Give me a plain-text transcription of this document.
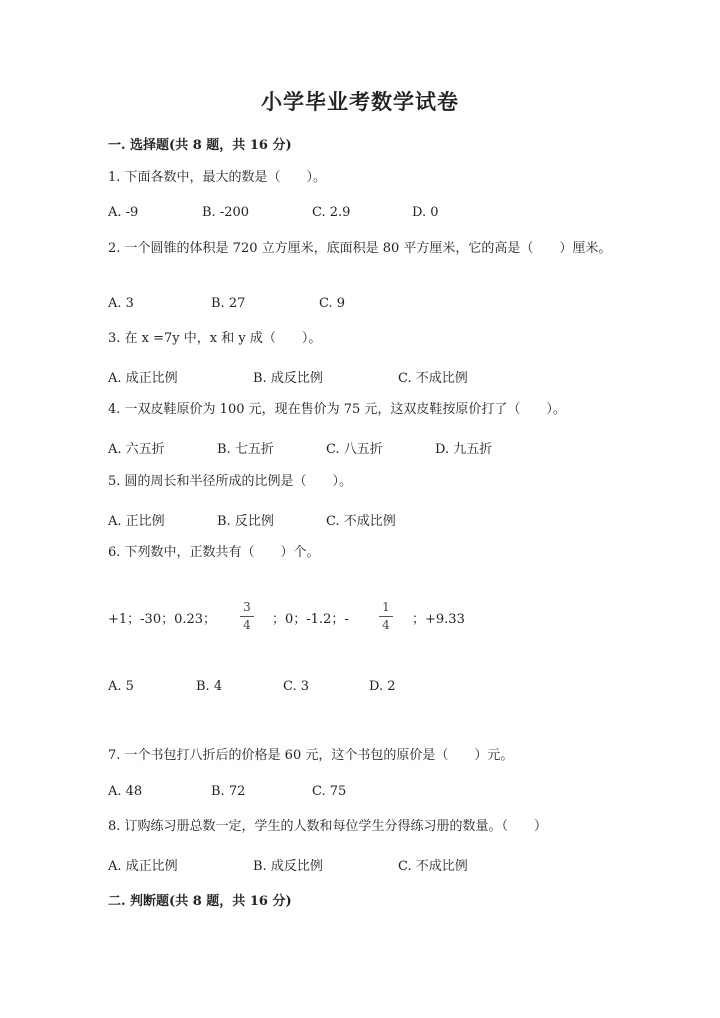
小学毕业考数学试卷
一. 选择题(共 8 题，共 16 分)
1. 下面各数中，最大的数是（　　）。
A. -9	B. -200	C. 2.9	D. 0
2. 一个圆锥的体积是 720 立方厘米，底面积是 80 平方厘米，它的高是（　　）厘米。
A. 3	B. 27	C. 9
3. 在 x =7y 中，x 和 y 成（　　）。
A. 成正比例	B. 成反比例	C. 不成比例
4. 一双皮鞋原价为 100 元，现在售价为 75 元，这双皮鞋按原价打了（　　）。
A. 六五折	B. 七五折	C. 八五折	D. 九五折
5. 圆的周长和半径所成的比例是（　　）。
A. 正比例	B. 反比例	C. 不成比例
6. 下列数中，正数共有（　　）个。
+1；-30；0.23；
3
4 ；0；-1.2；-
1
4 ；+9.33
A. 5	B. 4	C. 3	D. 2
7. 一个书包打八折后的价格是 60 元，这个书包的原价是（　　）元。
A. 48	B. 72	C. 75
8. 订购练习册总数一定，学生的人数和每位学生分得练习册的数量。（　　）
A. 成正比例	B. 成反比例	C. 不成比例
二. 判断题(共 8 题，共 16 分)
